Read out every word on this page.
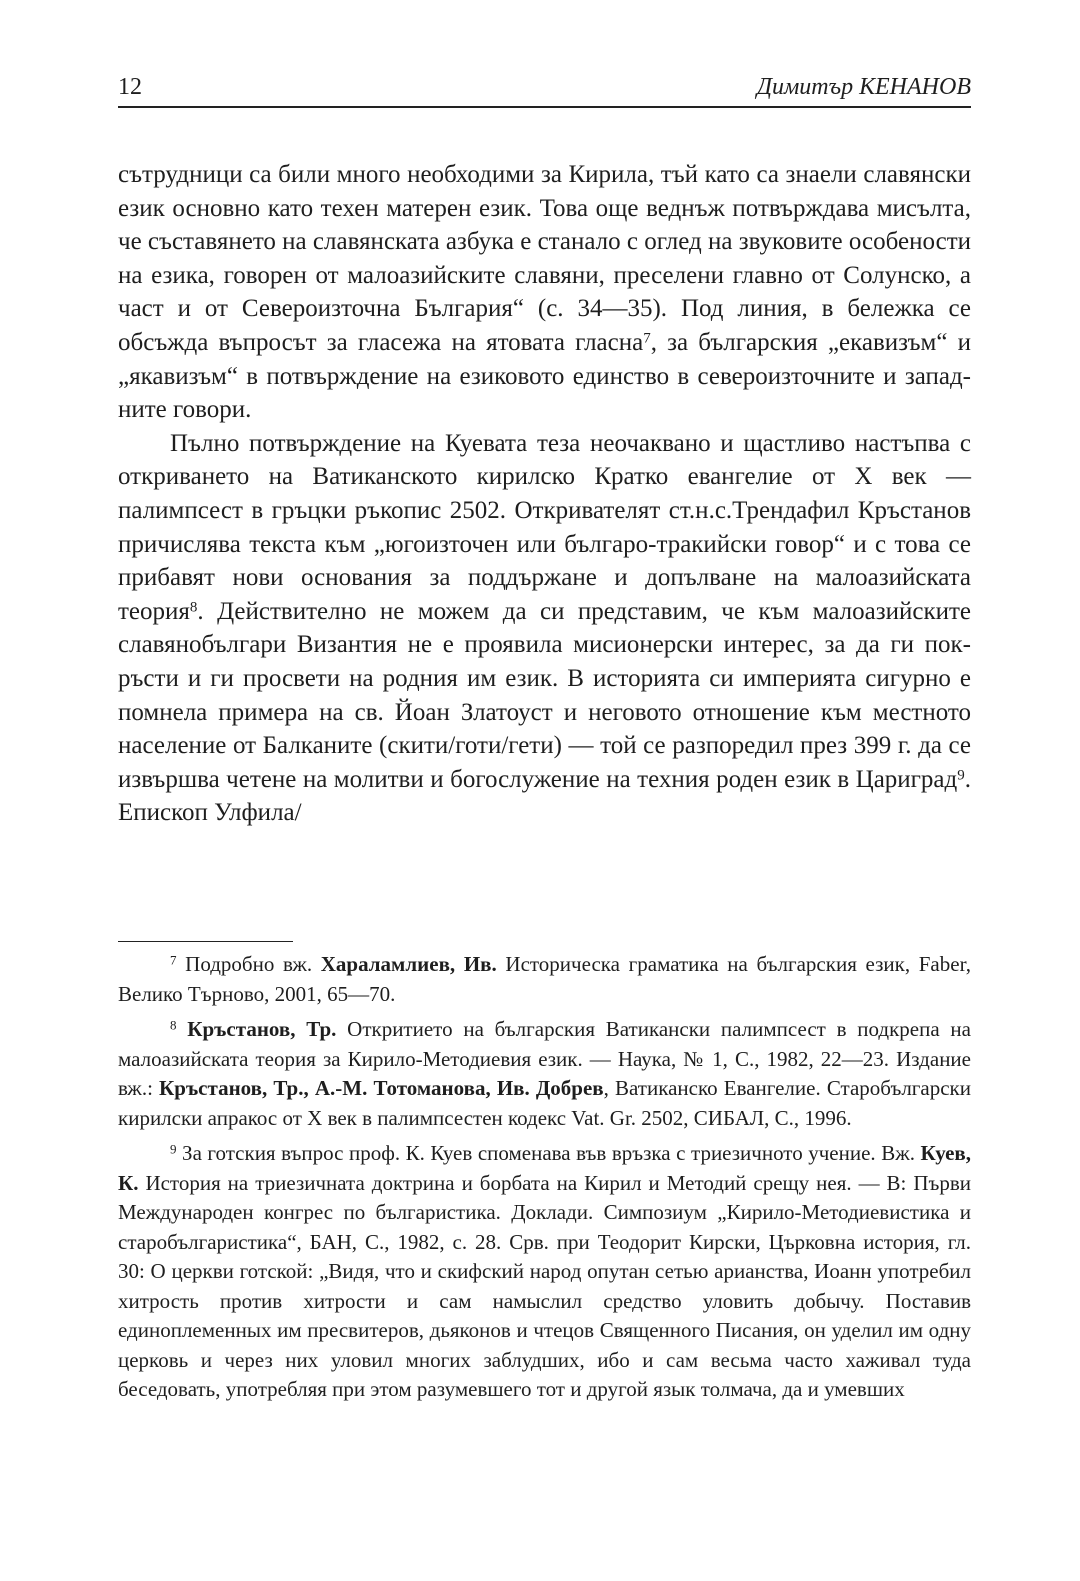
12	Димитър КЕНАНОВ

сътрудници са били много необходими за Кирила, тъй като са знаели славянски език основно като техен матерен език. Това още веднъж потвърждава мисълта, че съставянето на славянската азбука е станало с оглед на звуковите особености на езика, говорен от малоазийските славяни, преселени главно от Солунско, а част и от Североизточна България“ (с. 34—35). Под линия, в бележка се обсъжда въпросът за гласежа на ятовата гласна$^7$, за българския „екавизъм“ и „якавизъм“ в потвърждение на езиковото единство в североизточните и западните говори.

Пълно потвърждение на Куевата теза неочаквано и щастливо настъпва с откриването на Ватиканското кирилско Кратко евангелие от X век — палимпсест в гръцки ръкопис 2502. Откривателят ст.н.с.Трендафил Кръстанов причислява текста към „югоизточен или българо-тракийски говор“ и с това се прибавят нови основания за поддържане и допълване на малоазийската теория$^8$. Действително не можем да си представим, че към малоазийските славянобългари Византия не е проявила мисионерски интерес, за да ги покръсти и ги просвети на родния им език. В историята си империята сигурно е помнела примера на св. Йоан Златоуст и неговото отношение към местното население от Балканите (скити/готи/гети) — той се разпоредил през 399 г. да се извършва четене на молитви и богослужение на техния роден език в Цариград$^9$. Епископ Улфила/

$^7$ Подробно вж. Хараламлиев, Ив. Историческа граматика на българския език, Faber, Велико Търново, 2001, 65—70.

$^8$ Кръстанов, Тр. Откритието на българския Ватикански палимпсест в подкрепа на малоазийската теория за Кирило-Методиевия език. — Наука, № 1, С., 1982, 22—23. Издание вж.: Кръстанов, Тр., А.-М. Тотоманова, Ив. Добрев, Ватиканско Евангелие. Старобългарски кирилски апракос от X век в палимпсестен кодекс Vat. Gr. 2502, СИБАЛ, С., 1996.

$^9$ За готския въпрос проф. К. Куев споменава във връзка с триезичното учение. Вж. Куев, К. История на триезичната доктрина и борбата на Кирил и Методий срещу нея. — В: Първи Международен конгрес по българистика. Доклади. Симпозиум „Кирило-Методиевистика и старобългаристика“, БАН, С., 1982, с. 28. Срв. при Теодорит Кирски, Църковна история, гл. 30: О церкви готской: „Видя, что и скифский народ опутан сетью арианства, Иоанн употребил хитрость против хитрости и сам намыслил средство уловить добычу. Поставив единоплеменных им пресвитеров, дьяконов и чтецов Священного Писания, он уделил им одну церковь и через них уловил многих заблудших, ибо и сам весьма часто хаживал туда беседовать, употребляя при этом разумевшего тот и другой язык толмача, да и умевших
